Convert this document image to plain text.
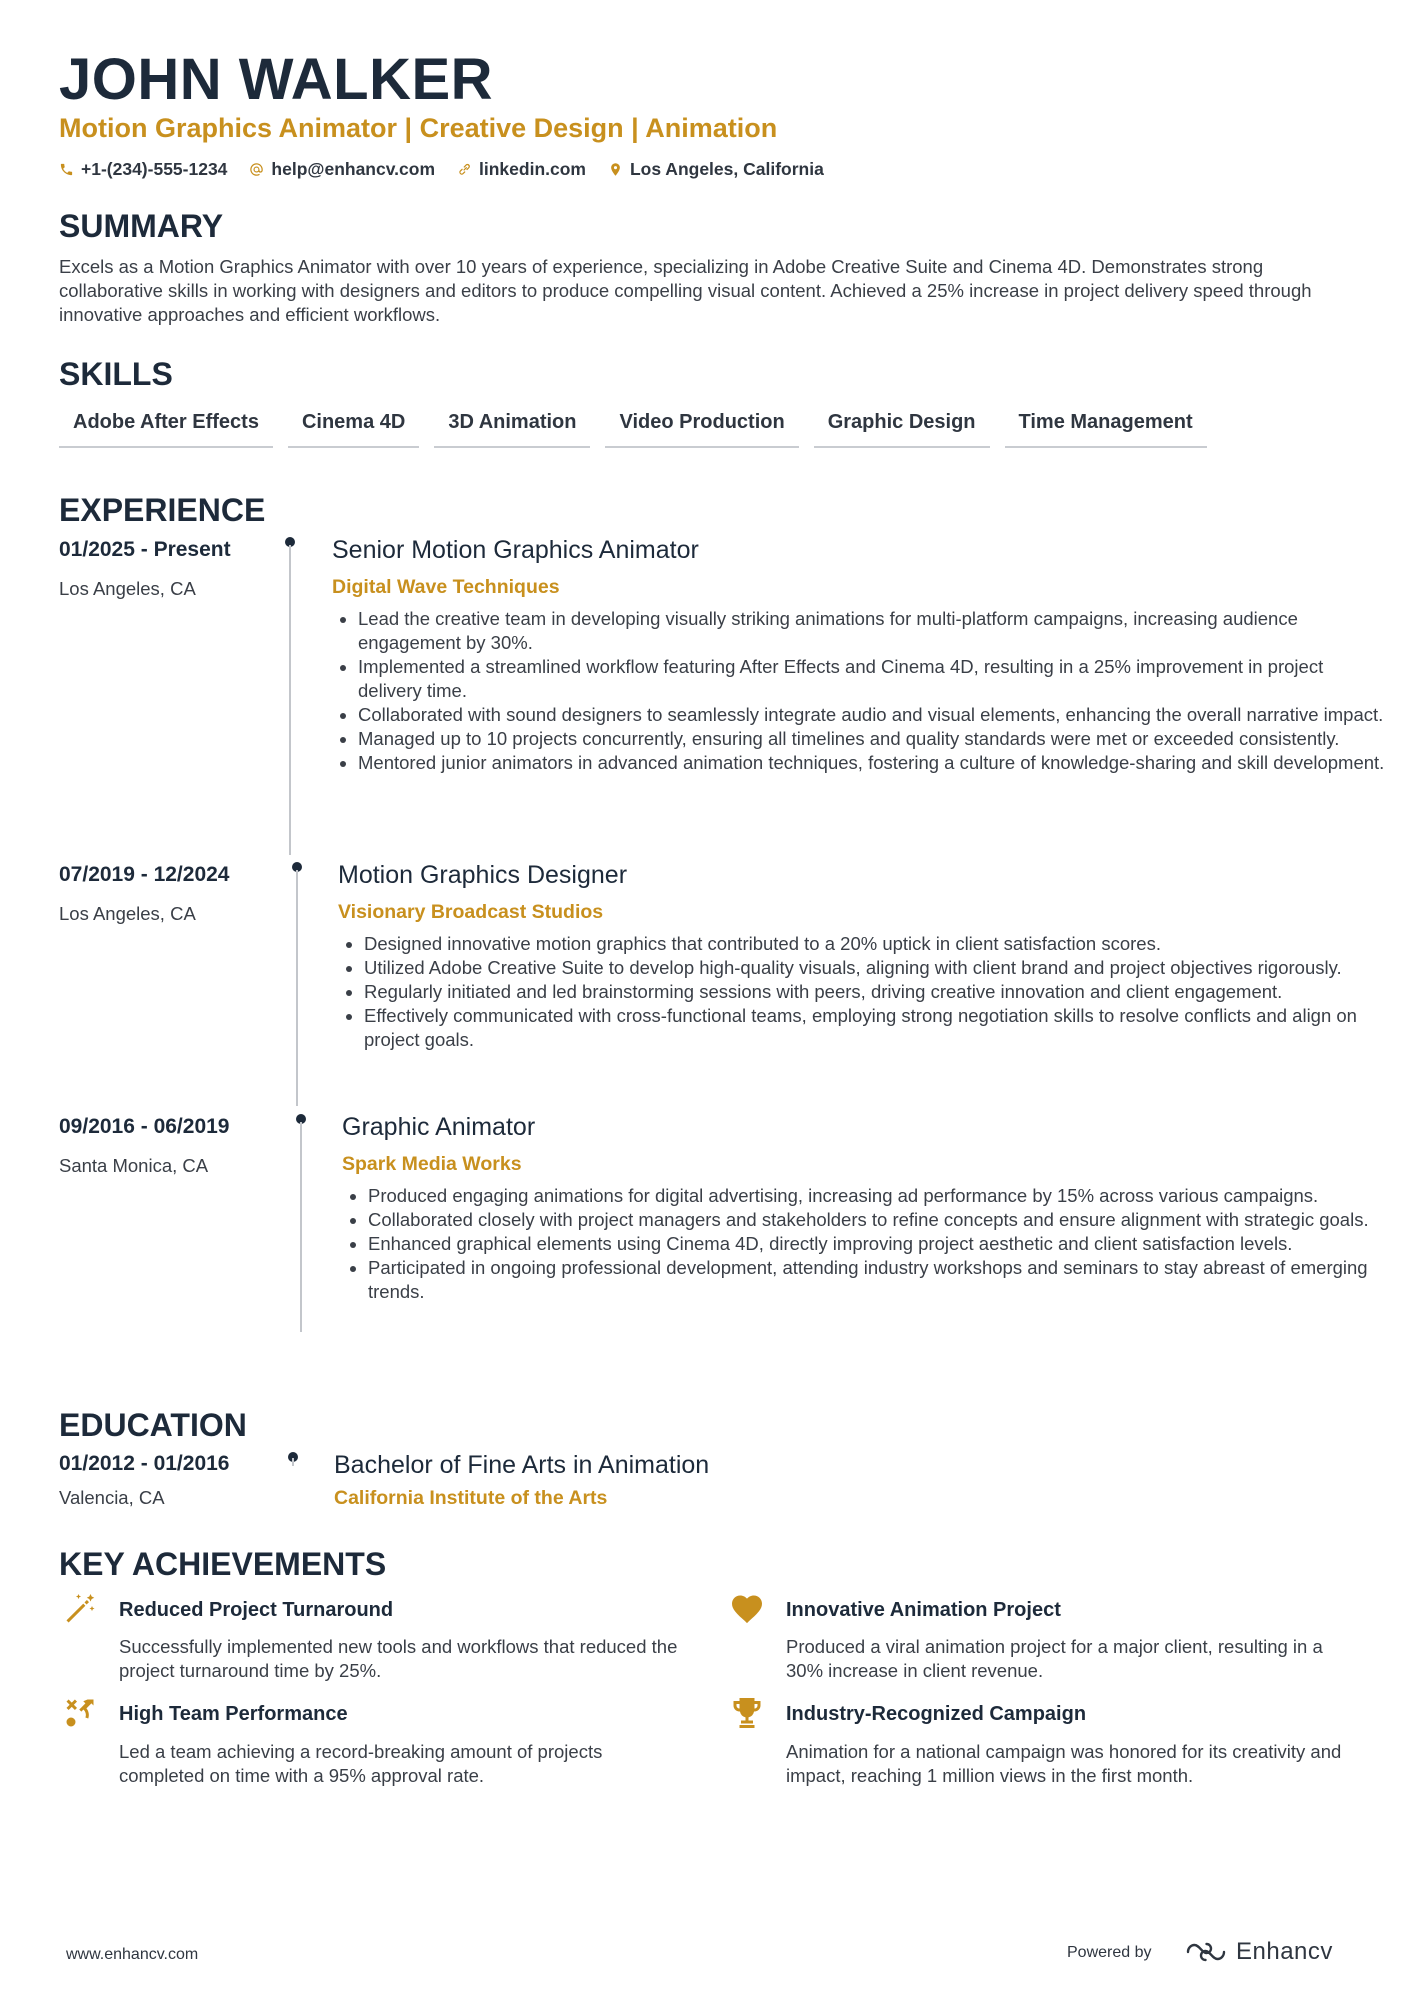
JOHN WALKER
Motion Graphics Animator | Creative Design | Animation
+1-(234)-555-1234	help@enhancv.com	linkedin.com	Los Angeles, California
SUMMARY

Excels as a Motion Graphics Animator with over 10 years of experience, specializing in Adobe Creative Suite and Cinema 4D. Demonstrates strong collaborative skills in working with designers and editors to produce compelling visual content. Achieved a 25% increase in project delivery speed through innovative approaches and efficient workflows.

SKILLS
Adobe After Effects	Cinema 4D	3D Animation	Video Production	Graphic Design	Time Management
EXPERIENCE
01/2025 - Present
Los Angeles, CA
Senior Motion Graphics Animator
Digital Wave Techniques
• Lead the creative team in developing visually striking animations for multi-platform campaigns, increasing audience engagement by 30%.
• Implemented a streamlined workflow featuring After Effects and Cinema 4D, resulting in a 25% improvement in project delivery time.
• Collaborated with sound designers to seamlessly integrate audio and visual elements, enhancing the overall narrative impact.
• Managed up to 10 projects concurrently, ensuring all timelines and quality standards were met or exceeded consistently.
• Mentored junior animators in advanced animation techniques, fostering a culture of knowledge-sharing and skill development.
07/2019 - 12/2024
Los Angeles, CA
Motion Graphics Designer
Visionary Broadcast Studios
• Designed innovative motion graphics that contributed to a 20% uptick in client satisfaction scores.
• Utilized Adobe Creative Suite to develop high-quality visuals, aligning with client brand and project objectives rigorously.
• Regularly initiated and led brainstorming sessions with peers, driving creative innovation and client engagement.
• Effectively communicated with cross-functional teams, employing strong negotiation skills to resolve conflicts and align on project goals.
09/2016 - 06/2019
Santa Monica, CA
Graphic Animator
Spark Media Works
• Produced engaging animations for digital advertising, increasing ad performance by 15% across various campaigns.
• Collaborated closely with project managers and stakeholders to refine concepts and ensure alignment with strategic goals.
• Enhanced graphical elements using Cinema 4D, directly improving project aesthetic and client satisfaction levels.
• Participated in ongoing professional development, attending industry workshops and seminars to stay abreast of emerging trends.
EDUCATION
01/2012 - 01/2016
Valencia, CA
Bachelor of Fine Arts in Animation
California Institute of the Arts
KEY ACHIEVEMENTS
Reduced Project Turnaround

Successfully implemented new tools and workflows that reduced the project turnaround time by 25%.

Innovative Animation Project

Produced a viral animation project for a major client, resulting in a 30% increase in client revenue.

High Team Performance

Led a team achieving a record-breaking amount of projects completed on time with a 95% approval rate.

Industry-Recognized Campaign

Animation for a national campaign was honored for its creativity and impact, reaching 1 million views in the first month.

www.enhancv.com	Powered by	Enhancv
